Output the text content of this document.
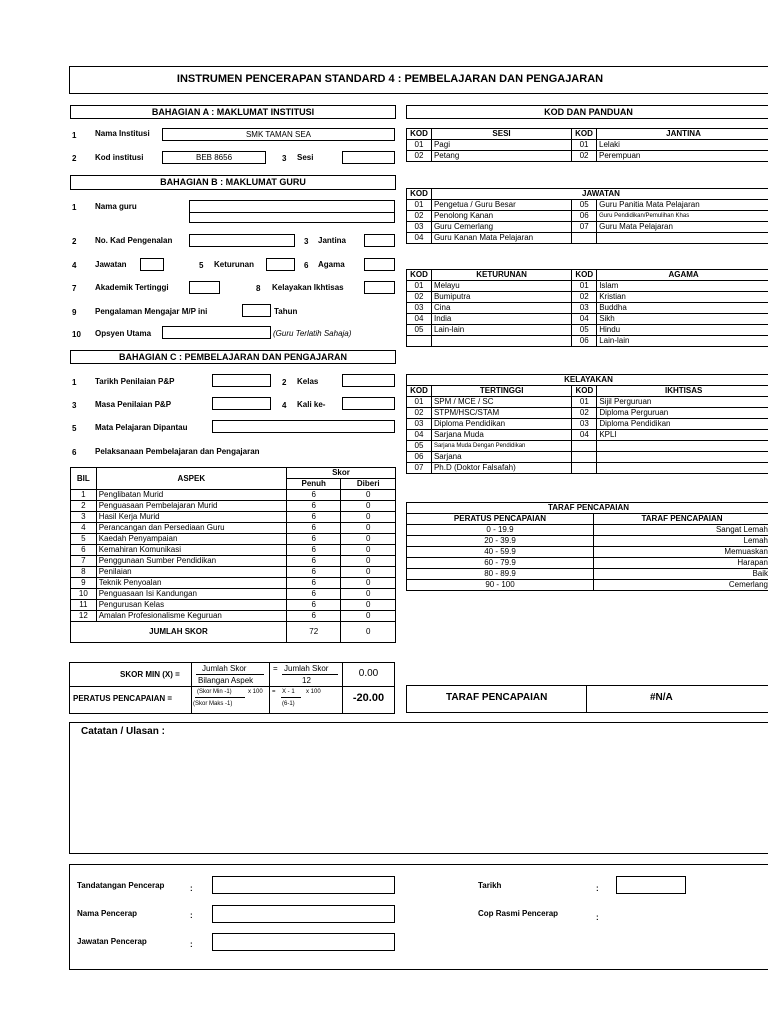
INSTRUMEN PENCERAPAN STANDARD 4 : PEMBELAJARAN DAN PENGAJARAN
BAHAGIAN A : MAKLUMAT INSTITUSI
1 Nama Institusi	SMK TAMAN SEA
2 Kod institusi	BEB 8656	3 Sesi
BAHAGIAN B : MAKLUMAT GURU
1 Nama guru
2 No. Kad Pengenalan	3 Jantina
4 Jawatan	5 Keturunan	6 Agama
7 Akademik Tertinggi	8 Kelayakan Ikhtisas
9 Pengalaman Mengajar M/P ini	Tahun
10 Opsyen Utama	(Guru Terlatih Sahaja)
BAHAGIAN C : PEMBELAJARAN DAN PENGAJARAN
1 Tarikh Penilaian P&P	2 Kelas
3 Masa Penilaian P&P	4 Kali ke-
5 Mata Pelajaran Dipantau
6 Pelaksanaan Pembelajaran dan Pengajaran
BIL	ASPEK	Skor	
		Penuh	Diberi
1	Penglibatan Murid	6	0
2	Penguasaan Pembelajaran Murid	6	0
3	Hasil Kerja Murid	6	0
4	Perancangan dan Persediaan Guru	6	0
5	Kaedah Penyampaian	6	0
6	Kemahiran Komunikasi	6	0
7	Penggunaan Sumber Pendidikan	6	0
8	Penilaian	6	0
9	Teknik Penyoalan	6	0
10	Penguasaan Isi Kandungan	6	0
11	Pengurusan Kelas	6	0
12	Amalan Profesionalisme Keguruan	6	0
JUMLAH SKOR		72	0
SKOR MIN (X) =
Jumlah Skor
Bilangan Aspek
= Jumlah Skor
12
0.00
PERATUS PENCAPAIAN =
(Skor Min -1)	x 100
(Skor Maks -1)
= X - 1 x 100
(6-1)	-20.00	TARAF PENCAPAIAN	#N/A
Catatan / Ulasan :
Tandatangan Pencerap	:
Nama Pencerap	:
Jawatan Pencerap	:
Tarikh	:
Cop Rasmi Pencerap	:
KOD DAN PANDUAN
KOD	SESI	KOD	JANTINA
01	Pagi	01	Lelaki
02	Petang	02	Perempuan
KOD	JAWATAN		
01	Pengetua / Guru Besar	05	Guru Panitia Mata Pelajaran
02	Penolong Kanan	06	Guru Pendidikan/Pemulihan Khas
03	Guru Cemerlang	07	Guru Mata Pelajaran
04	Guru Kanan Mata Pelajaran		
KOD	KETURUNAN	KOD	AGAMA
01	Melayu	01	Islam
02	Bumiputra	02	Kristian
03	Cina	03	Buddha
04	India	04	Sikh
05	Lain-lain	05	Hindu
		06	Lain-lain
KELAYAKAN			
KOD	TERTINGGI	KOD	IKHTISAS
01	SPM / MCE / SC	01	Sijil Perguruan
02	STPM/HSC/STAM	02	Diploma Perguruan
03	Diploma Pendidikan	03	Diploma Pendidikan
04	Sarjana Muda	04	KPLI
05	Sarjana Muda Dengan Pendidikan		
06	Sarjana		
07	Ph.D (Doktor Falsafah)		
TARAF PENCAPAIAN	
PERATUS PENCAPAIAN	TARAF PENCAPAIAN
0 - 19.9	Sangat Lemah
20 - 39.9	Lemah
40 - 59.9	Memuaskan
60 - 79.9	Harapan
80 - 89.9	Baik
90 - 100	Cemerlang
